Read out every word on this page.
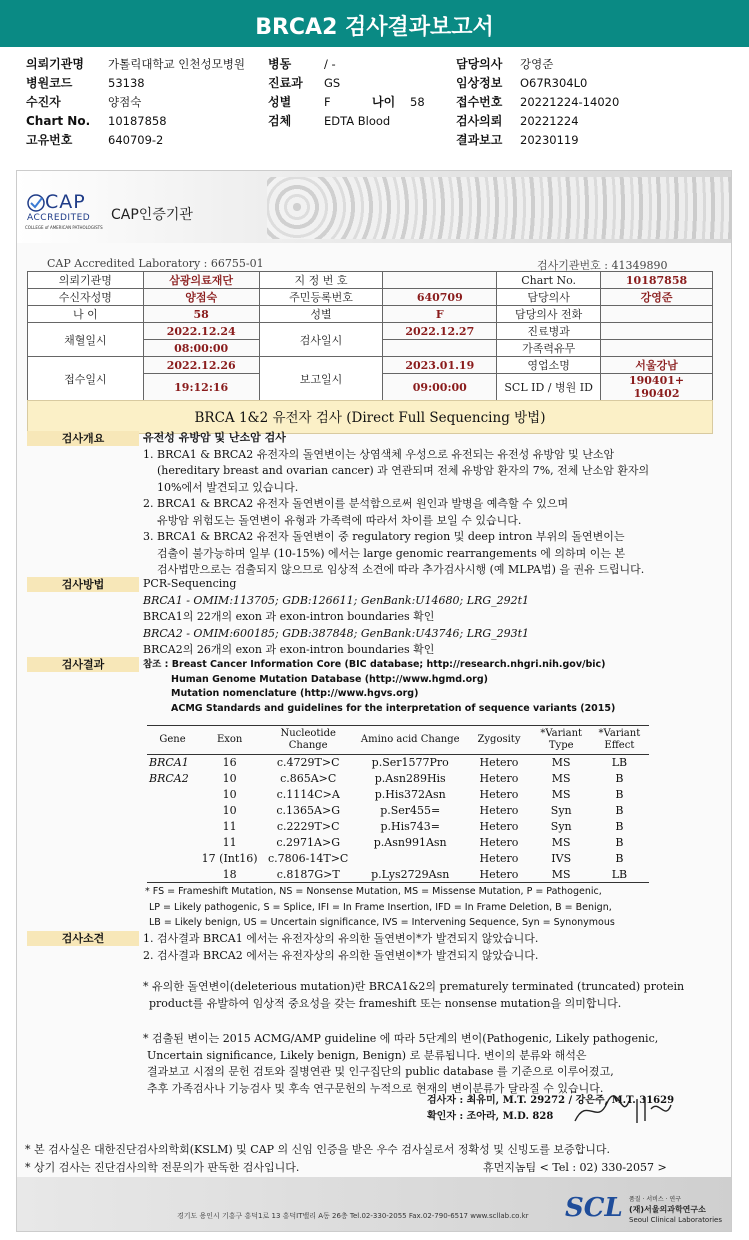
BRCA2 검사결과보고서
의뢰기관명	가톨릭대학교 인천성모병원
병원코드	53138
수진자	양점숙
Chart No.	10187858
고유번호	640709-2
병동	/ -
진료과	GS
성별	F	나이	58
검체	EDTA Blood
담당의사	강영준
임상정보	O67R304L0
접수번호	20221224-14020
검사의뢰	20221224
결과보고	20230119
CAP
ACCREDITED
COLLEGE of AMERICAN PATHOLOGISTS
CAP인증기관
CAP Accredited Laboratory : 66755-01	검사기관번호 : 41349890
의뢰기관명	삼광의료재단	지 정 번 호		Chart No.	10187858
수신자성명	양점숙	주민등록번호	640709	담당의사	강영준
나 이	58	성별	F	담당의사 전화	
채혈일시	2022.12.24	검사일시	2022.12.27	진료병과	
	08:00:00			가족력유무	
접수일시	2022.12.26	보고일시	2023.01.19	영업소명	서울강남
	19:12:16		09:00:00	SCL ID / 병원 ID	190401+ 190402
BRCA 1&2 유전자 검사 (Direct Full Sequencing 방법)
검사개요	유전성 유방암 및 난소암 검사
1. BRCA1 & BRCA2 유전자의 돌연변이는 상염색체 우성으로 유전되는 유전성 유방암 및 난소암
(hereditary breast and ovarian cancer) 과 연관되며 전체 유방암 환자의 7%, 전체 난소암 환자의
10%에서 발견되고 있습니다.
2. BRCA1 & BRCA2 유전자 돌연변이를 분석함으로써 원인과 발병을 예측할 수 있으며
유방암 위험도는 돌연변이 유형과 가족력에 따라서 차이를 보일 수 있습니다.
3. BRCA1 & BRCA2 유전자 돌연변이 중 regulatory region 및 deep intron 부위의 돌연변이는
검출이 불가능하며 일부 (10-15%) 에서는 large genomic rearrangements 에 의하며 이는 본
검사법만으로는 검출되지 않으므로 임상적 소견에 따라 추가검사시행 (예 MLPA법) 을 권유 드립니다.
검사방법	PCR-Sequencing
BRCA1 - OMIM:113705; GDB:126611; GenBank:U14680; LRG_292t1
BRCA1의 22개의 exon 과 exon-intron boundaries 확인
BRCA2 - OMIM:600185; GDB:387848; GenBank:U43746; LRG_293t1
BRCA2의 26개의 exon 과 exon-intron boundaries 확인
검사결과	참조 : Breast Cancer Information Core (BIC database; http://research.nhgri.nih.gov/bic)
Human Genome Mutation Database (http://www.hgmd.org)
Mutation nomenclature (http://www.hgvs.org)
ACMG Standards and guidelines for the interpretation of sequence variants (2015)
Gene	Exon	Nucleotide Change	Amino acid Change	Zygosity	*Variant Type	*Variant Effect
BRCA1	16	c.4729T>C	p.Ser1577Pro	Hetero	MS	LB
BRCA2	10	c.865A>C	p.Asn289His	Hetero	MS	B
	10	c.1114C>A	p.His372Asn	Hetero	MS	B
	10	c.1365A>G	p.Ser455=	Hetero	Syn	B
	11	c.2229T>C	p.His743=	Hetero	Syn	B
	11	c.2971A>G	p.Asn991Asn	Hetero	MS	B
	17 (Int16)	c.7806-14T>C		Hetero	IVS	B
	18	c.8187G>T	p.Lys2729Asn	Hetero	MS	LB
* FS = Frameshift Mutation, NS = Nonsense Mutation, MS = Missense Mutation, P = Pathogenic,
LP = Likely pathogenic, S = Splice, IFI = In Frame Insertion, IFD = In Frame Deletion, B = Benign,
LB = Likely benign, US = Uncertain significance, IVS = Intervening Sequence, Syn = Synonymous
검사소견	1. 검사결과 BRCA1 에서는 유전자상의 유의한 돌연변이*가 발견되지 않았습니다.
2. 검사결과 BRCA2 에서는 유전자상의 유의한 돌연변이*가 발견되지 않았습니다.
* 유의한 돌연변이(deleterious mutation)란 BRCA1&2의 prematurely terminated (truncated) protein
product를 유발하여 임상적 중요성을 갖는 frameshift 또는 nonsense mutation을 의미합니다.
* 검출된 변이는 2015 ACMG/AMP guideline 에 따라 5단계의 변이(Pathogenic, Likely pathogenic,
Uncertain significance, Likely benign, Benign) 로 분류됩니다. 변이의 분류와 해석은
결과보고 시점의 문헌 검토와 질병연관 및 인구집단의 public database 를 기준으로 이루어졌고,
추후 가족검사나 기능검사 및 후속 연구문헌의 누적으로 현재의 변이분류가 달라질 수 있습니다.
검사자 : 최유미, M.T. 29272 / 강은주, M.T. 31629
확인자 : 조아라, M.D. 828
* 본 검사실은 대한진단검사의학회(KSLM) 및 CAP 의 신임 인증을 받은 우수 검사실로서 정확성 및 신빙도를 보증합니다.
* 상기 검사는 진단검사의학 전문의가 판독한 검사입니다.	휴먼지놈팀 < Tel : 02) 330-2057 >
경기도 용인시 기흥구 흥덕1로 13 흥덕IT밸리 A동 26층 Tel.02-330-2055 Fax.02-790-6517 www.scllab.co.kr SCL 품질 · 서비스 · 연구
(재)서울의과학연구소
Seoul Clinical Laboratories
